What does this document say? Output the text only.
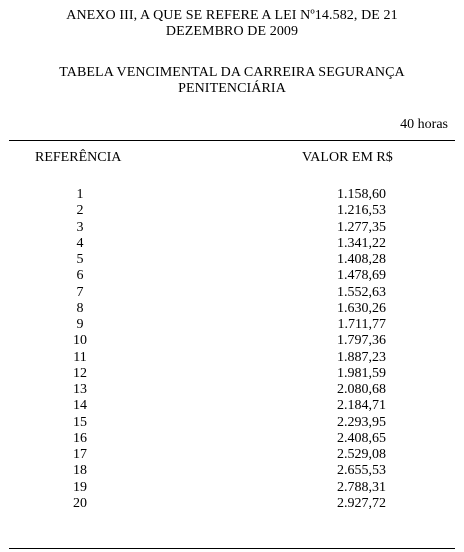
ANEXO III, A QUE SE REFERE A LEI Nº14.582, DE 21
DEZEMBRO DE 2009
TABELA VENCIMENTAL DA CARREIRA SEGURANÇA
PENITENCIÁRIA
40 horas
REFERÊNCIA	VALOR EM R$
1	1.158,60
2	1.216,53
3	1.277,35
4	1.341,22
5	1.408,28
6	1.478,69
7	1.552,63
8	1.630,26
9	1.711,77
10	1.797,36
11	1.887,23
12	1.981,59
13	2.080,68
14	2.184,71
15	2.293,95
16	2.408,65
17	2.529,08
18	2.655,53
19	2.788,31
20	2.927,72
